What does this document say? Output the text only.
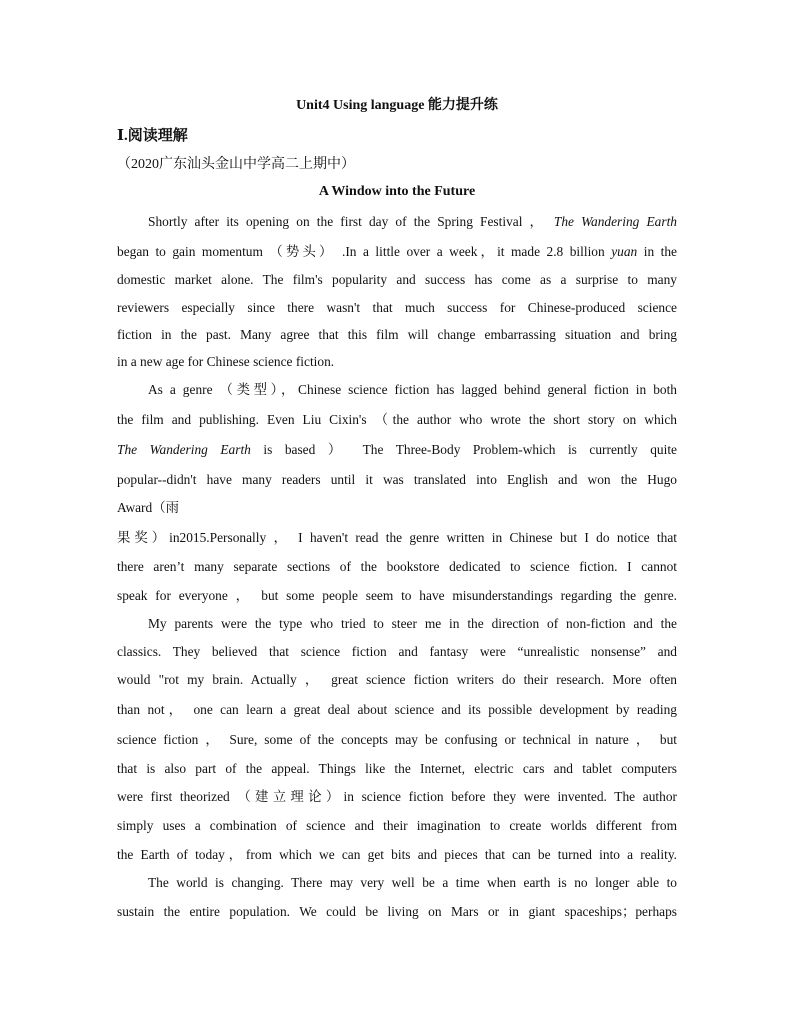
Unit4 Using language 能力提升练
Ⅰ.阅读理解
（2020广东汕头金山中学高二上期中）
A Window into the Future
Shortly after its opening on the first day of the Spring Festival ， The Wandering Earth
began to gain momentum （势头） .In a little over a week，it made 2.8 billion yuan in the
domestic market alone. The film's popularity and success has come as a surprise to many
reviewers especially since there wasn't that much success for Chinese-produced science
fiction in the past. Many agree that this film will change embarrassing situation and bring
in a new age for Chinese science fiction.
As a genre （类型），Chinese science fiction has lagged behind general fiction in both
the film and publishing. Even Liu Cixin's （the author who wrote the short story on which
The Wandering Earth is based ） The Three-Body Problem-which is currently quite
popular--didn't have many readers until it was translated into English and won the Hugo
Award（雨
果奖）in2015.Personally ， I haven't read the genre written in Chinese but I do notice that
there aren’t many separate sections of the bookstore dedicated to science fiction. I cannot
speak for everyone ， but some people seem to have misunderstandings regarding the genre.
My parents were the type who tried to steer me in the direction of non-fiction and the
classics. They believed that science fiction and fantasy were “unrealistic nonsense” and
would "rot my brain. Actually ， great science fiction writers do their research. More often
than not， one can learn a great deal about science and its possible development by reading
science fiction ， Sure, some of the concepts may be confusing or technical in nature ， but
that is also part of the appeal. Things like the Internet, electric cars and tablet computers
were first theorized （建立理论）in science fiction before they were invented. The author
simply uses a combination of science and their imagination to create worlds different from
the Earth of today，from which we can get bits and pieces that can be turned into a reality.
The world is changing. There may very well be a time when earth is no longer able to
sustain the entire population. We could be living on Mars or in giant spaceships；perhaps
